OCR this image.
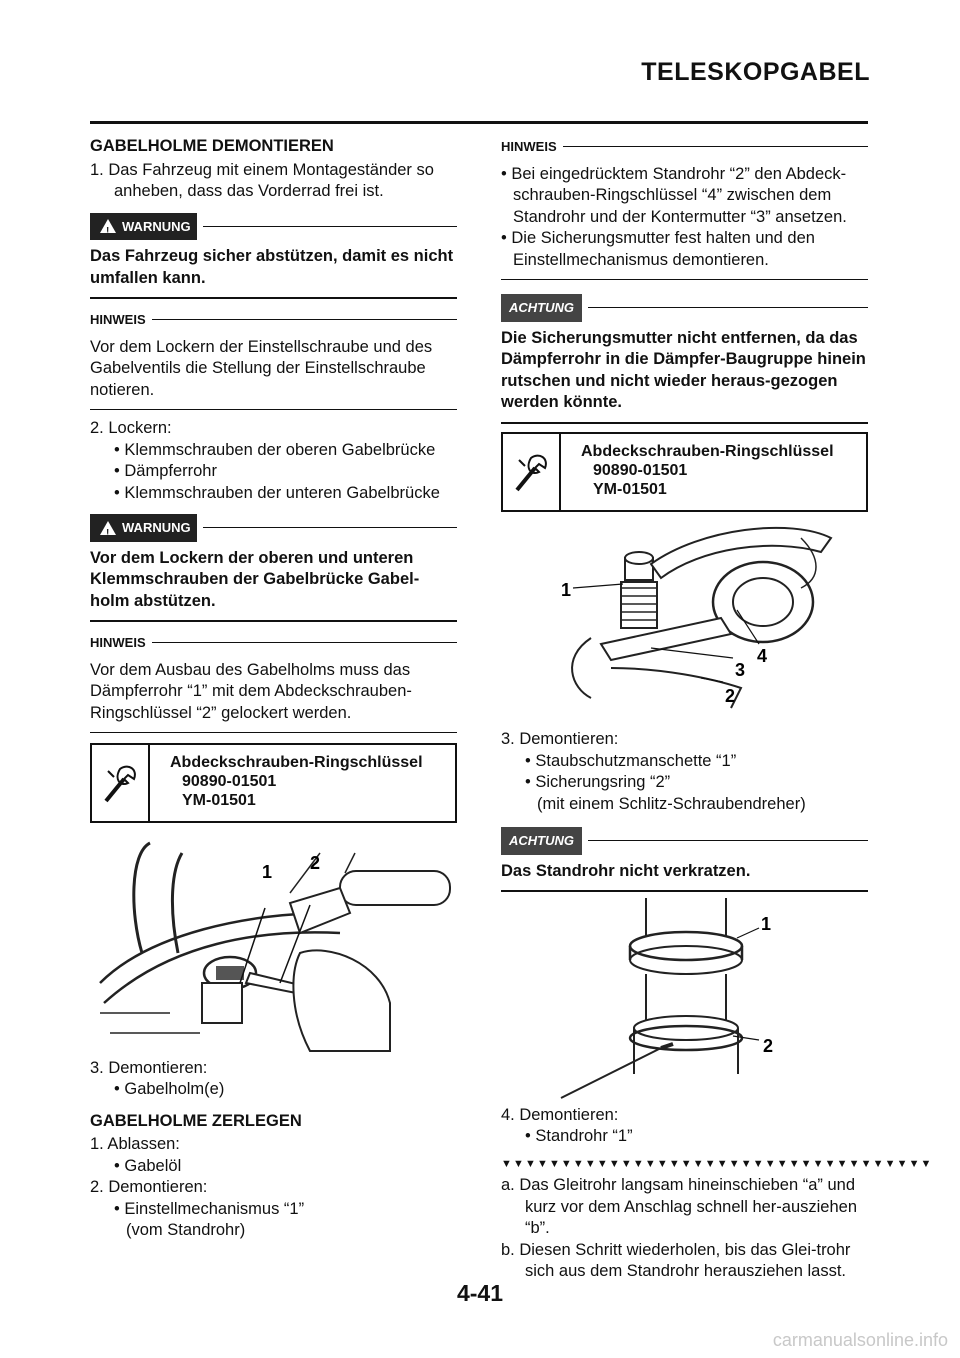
TELESKOPGABEL
GABELHOLME DEMONTIEREN

1. Das Fahrzeug mit einem Montageständer so anheben, dass das Vorderrad frei ist.

!
WARNUNG

Das Fahrzeug sicher abstützen, damit es nicht umfallen kann.

HINWEIS

Vor dem Lockern der Einstellschraube und des Gabelventils die Stellung der Einstellschraube notieren.

2. Lockern:

• Klemmschrauben der oberen Gabelbrücke

• Dämpferrohr

• Klemmschrauben der unteren Gabelbrücke

!
WARNUNG

Vor dem Lockern der oberen und unteren Klemmschrauben der Gabelbrücke Gabel-holm abstützen.

HINWEIS

Vor dem Ausbau des Gabelholms muss das Dämpferrohr “1” mit dem Abdeckschrauben-Ringschlüssel “2” gelockert werden.

Abdeckschrauben-Ringschlüssel
90890-01501
YM-01501
1 2

3. Demontieren:

• Gabelholm(e)

GABELHOLME ZERLEGEN

1. Ablassen:

• Gabelöl

2. Demontieren:

• Einstellmechanismus “1”

(vom Standrohr)

HINWEIS

• Bei eingedrücktem Standrohr “2” den Abdeck-schrauben-Ringschlüssel “4” zwischen dem Standrohr und der Kontermutter “3” ansetzen.

• Die Sicherungsmutter fest halten und den Einstellmechanismus demontieren.

ACHTUNG

Die Sicherungsmutter nicht entfernen, da das Dämpferrohr in die Dämpfer-Baugruppe hinein rutschen und nicht wieder heraus-gezogen werden könnte.

Abdeckschrauben-Ringschlüssel
90890-01501
YM-01501
1
4
3
2

3. Demontieren:

• Staubschutzmanschette “1”

• Sicherungsring “2”

(mit einem Schlitz-Schraubendreher)

ACHTUNG

Das Standrohr nicht verkratzen.

1
2

4. Demontieren:

• Standrohr “1”

▼▼▼▼▼▼▼▼▼▼▼▼▼▼▼▼▼▼▼▼▼▼▼▼▼▼▼▼▼▼▼▼▼▼▼▼

a. Das Gleitrohr langsam hineinschieben “a” und kurz vor dem Anschlag schnell her-ausziehen “b”.

b. Diesen Schritt wiederholen, bis das Glei-trohr sich aus dem Standrohr herausziehen lasst.

4-41
carmanualsonline.info
